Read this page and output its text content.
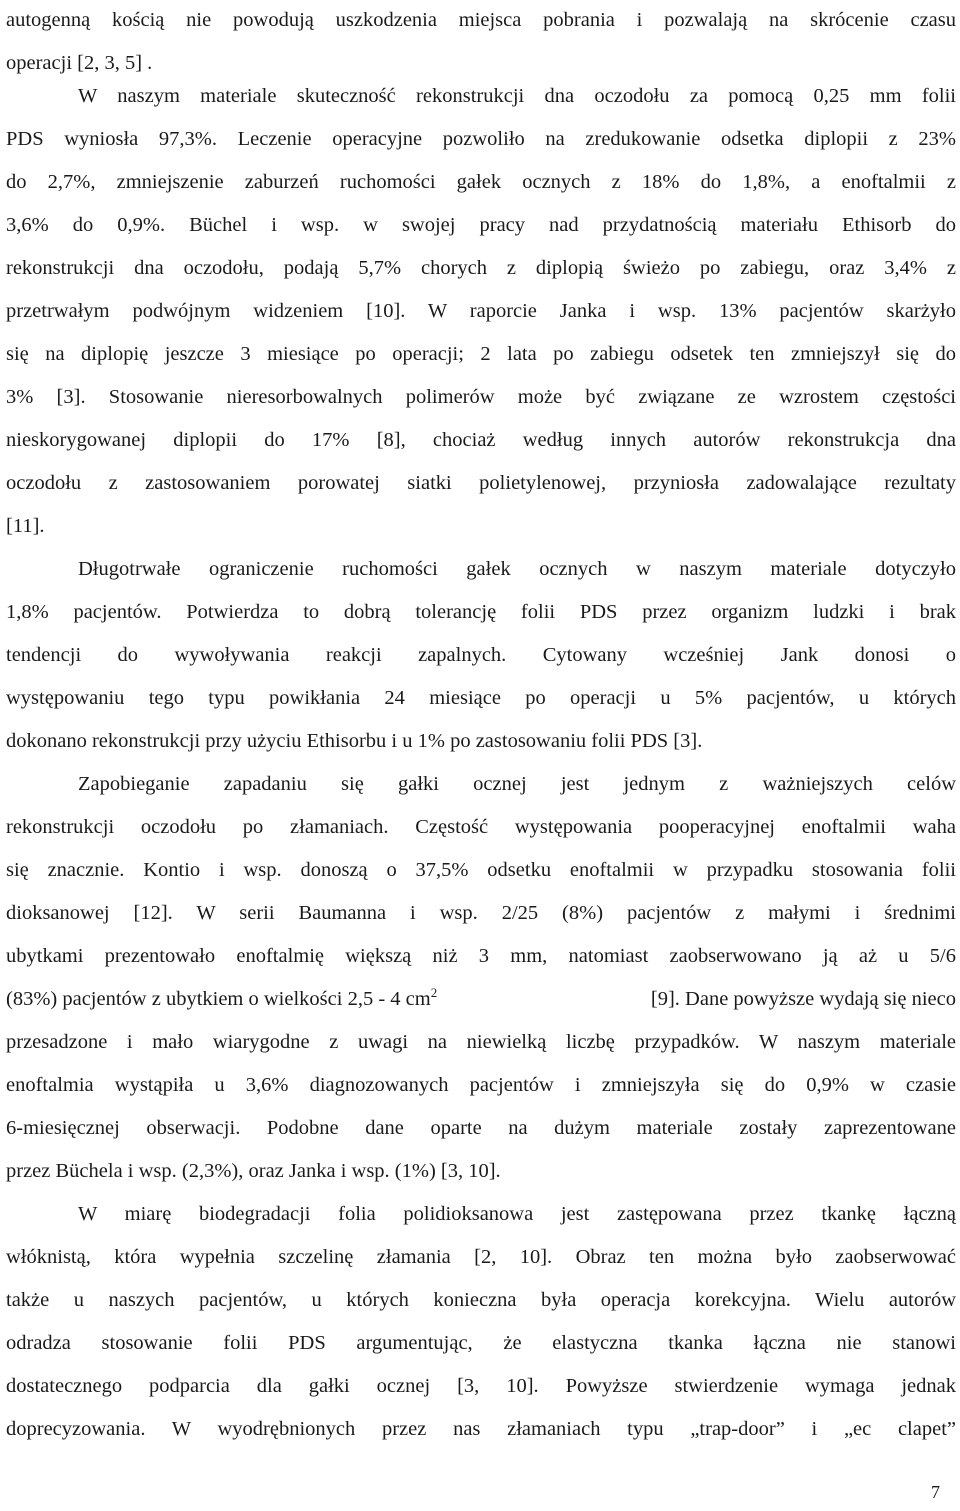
autogenną kością nie powodują uszkodzenia miejsca pobrania i pozwalają na skrócenie czasu
operacji [2, 3, 5] .
W naszym materiale skuteczność rekonstrukcji dna oczodołu za pomocą 0,25 mm folii
PDS wyniosła 97,3%. Leczenie operacyjne pozwoliło na zredukowanie odsetka diplopii z 23%
do 2,7%, zmniejszenie zaburzeń ruchomości gałek ocznych z 18% do 1,8%, a enoftalmii z
3,6% do 0,9%. Büchel i wsp. w swojej pracy nad przydatnością materiału Ethisorb do
rekonstrukcji dna oczodołu, podają 5,7% chorych z diplopią świeżo po zabiegu, oraz 3,4% z
przetrwałym podwójnym widzeniem [10]. W raporcie Janka i wsp. 13% pacjentów skarżyło
się na diplopię jeszcze 3 miesiące po operacji; 2 lata po zabiegu odsetek ten zmniejszył się do
3% [3]. Stosowanie nieresorbowalnych polimerów może być związane ze wzrostem częstości
nieskorygowanej diplopii do 17% [8], chociaż według innych autorów rekonstrukcja dna
oczodołu z zastosowaniem porowatej siatki polietylenowej, przyniosła zadowalające rezultaty
[11].
Długotrwałe ograniczenie ruchomości gałek ocznych w naszym materiale dotyczyło
1,8% pacjentów. Potwierdza to dobrą tolerancję folii PDS przez organizm ludzki i brak
tendencji do wywoływania reakcji zapalnych. Cytowany wcześniej Jank donosi o
występowaniu tego typu powikłania 24 miesiące po operacji u 5% pacjentów, u których
dokonano rekonstrukcji przy użyciu Ethisorbu i u 1% po zastosowaniu folii PDS [3].
Zapobieganie zapadaniu się gałki ocznej jest jednym z ważniejszych celów
rekonstrukcji oczodołu po złamaniach. Częstość występowania pooperacyjnej enoftalmii waha
się znacznie. Kontio i wsp. donoszą o 37,5% odsetku enoftalmii w przypadku stosowania folii
dioksanowej [12]. W serii Baumanna i wsp. 2/25 (8%) pacjentów z małymi i średnimi
ubytkami prezentowało enoftalmię większą niż 3 mm, natomiast zaobserwowano ją aż u 5/6
(83%) pacjentów z ubytkiem o wielkości 2,5 - 4 $cm^2$	[9]. Dane powyższe wydają się nieco
przesadzone i mało wiarygodne z uwagi na niewielką liczbę przypadków. W naszym materiale
enoftalmia wystąpiła u 3,6% diagnozowanych pacjentów i zmniejszyła się do 0,9% w czasie
6-miesięcznej obserwacji. Podobne dane oparte na dużym materiale zostały zaprezentowane
przez Büchela i wsp. (2,3%), oraz Janka i wsp. (1%) [3, 10].
W miarę biodegradacji folia polidioksanowa jest zastępowana przez tkankę łączną
włóknistą, która wypełnia szczelinę złamania [2, 10]. Obraz ten można było zaobserwować
także u naszych pacjentów, u których konieczna była operacja korekcyjna. Wielu autorów
odradza stosowanie folii PDS argumentując, że elastyczna tkanka łączna nie stanowi
dostatecznego podparcia dla gałki ocznej [3, 10]. Powyższe stwierdzenie wymaga jednak
doprecyzowania. W wyodrębnionych przez nas złamaniach typu „trap-door” i „ec clapet”
7
